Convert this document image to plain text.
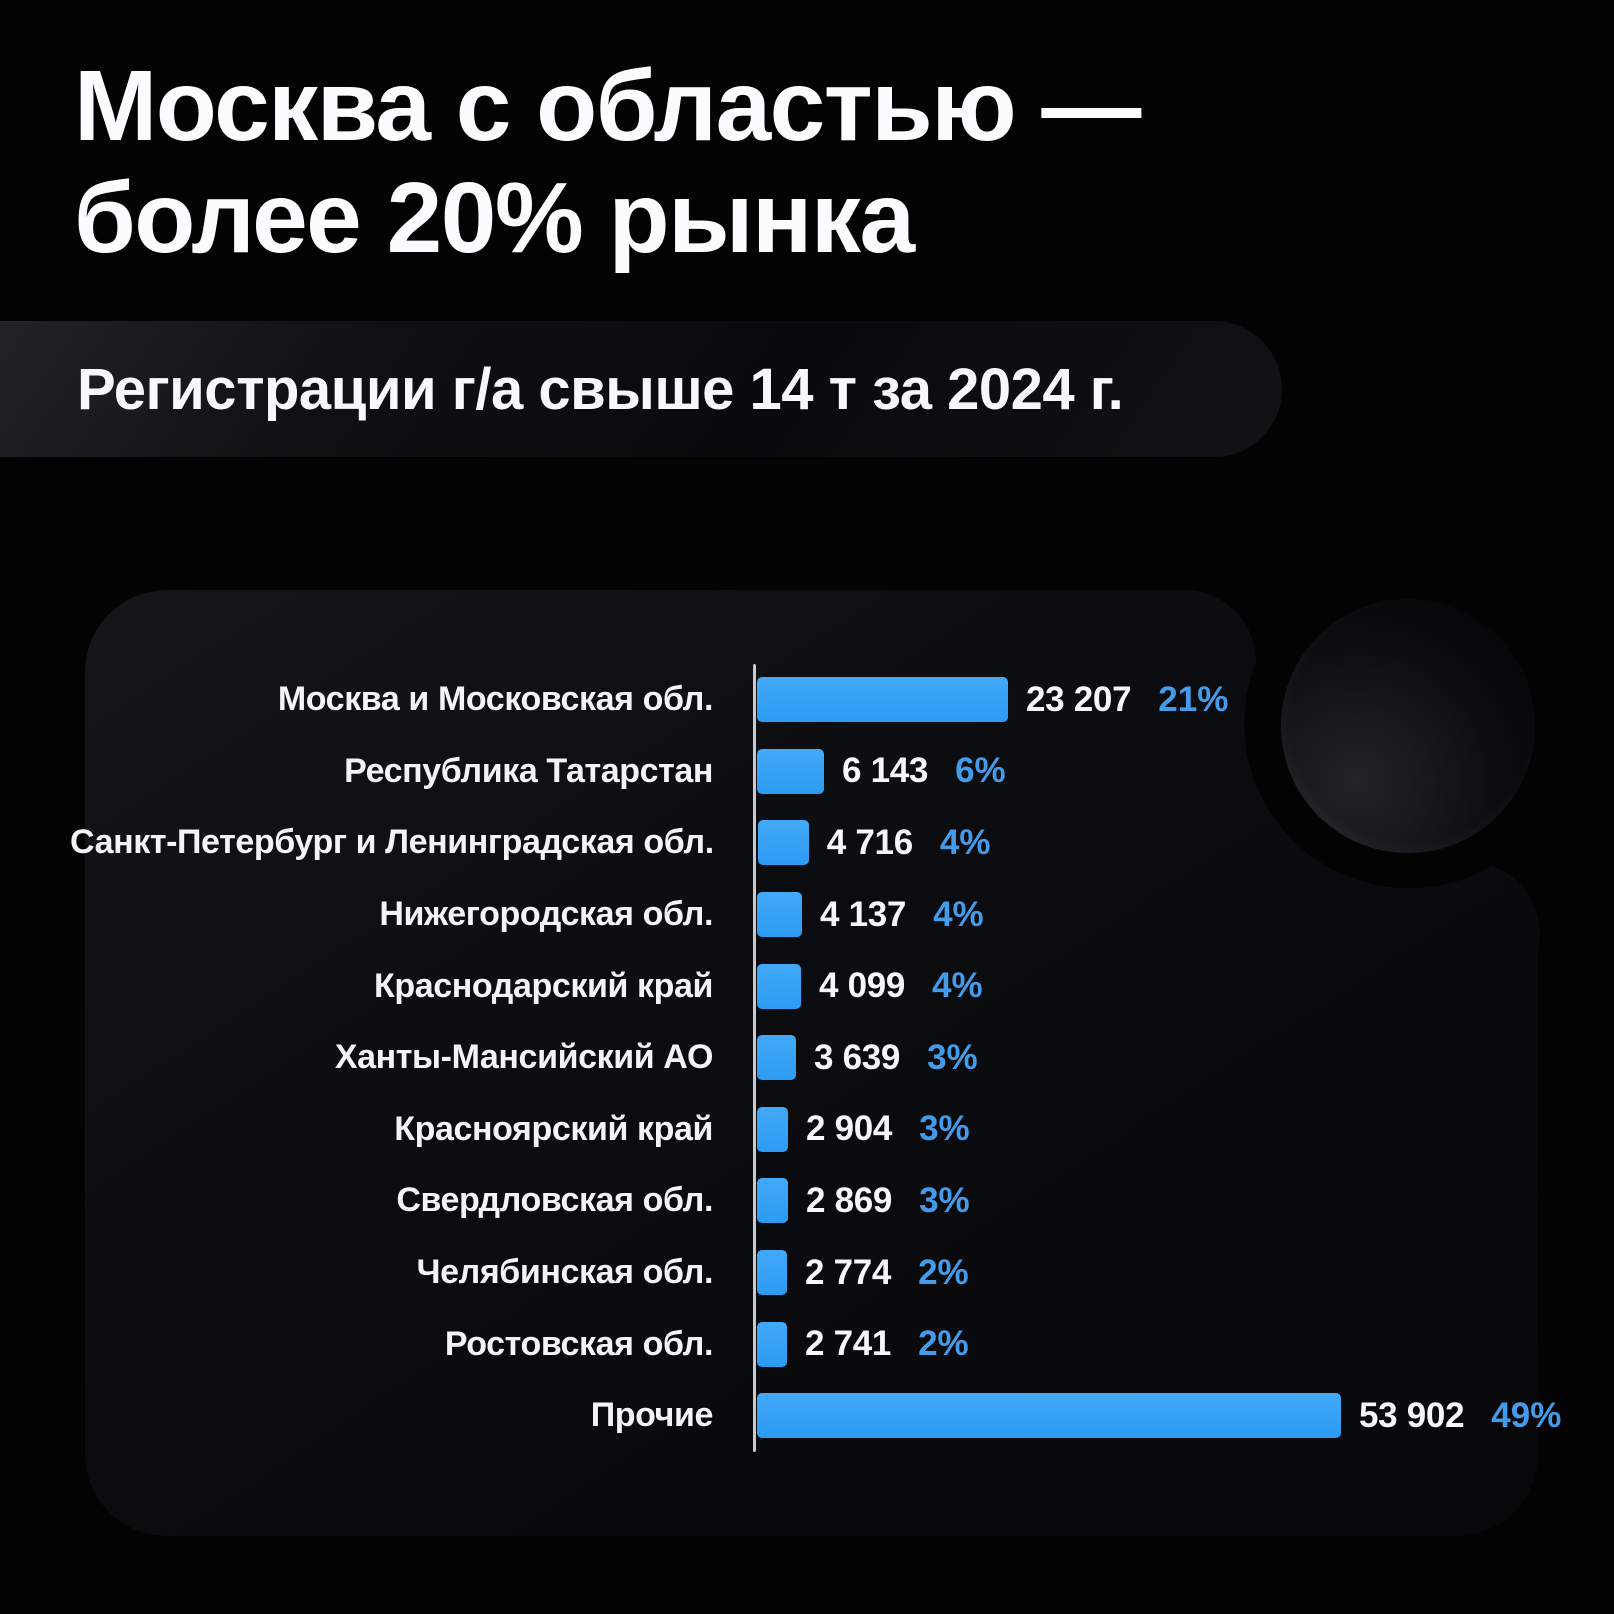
Москва с областью —
более 20% рынка
Регистрации г/а свыше 14 т за 2024 г.
Москва и Московская обл.	23 207 21%
Республика Татарстан	6 143 6%
Санкт-Петербург и Ленинградская обл.	4 716 4%
Нижегородская обл.	4 137 4%
Краснодарский край	4 099 4%
Ханты-Мансийский АО	3 639 3%
Красноярский край	2 904 3%
Свердловская обл.	2 869 3%
Челябинская обл.	2 774 2%
Ростовская обл.	2 741 2%
Прочие	53 902 49%
